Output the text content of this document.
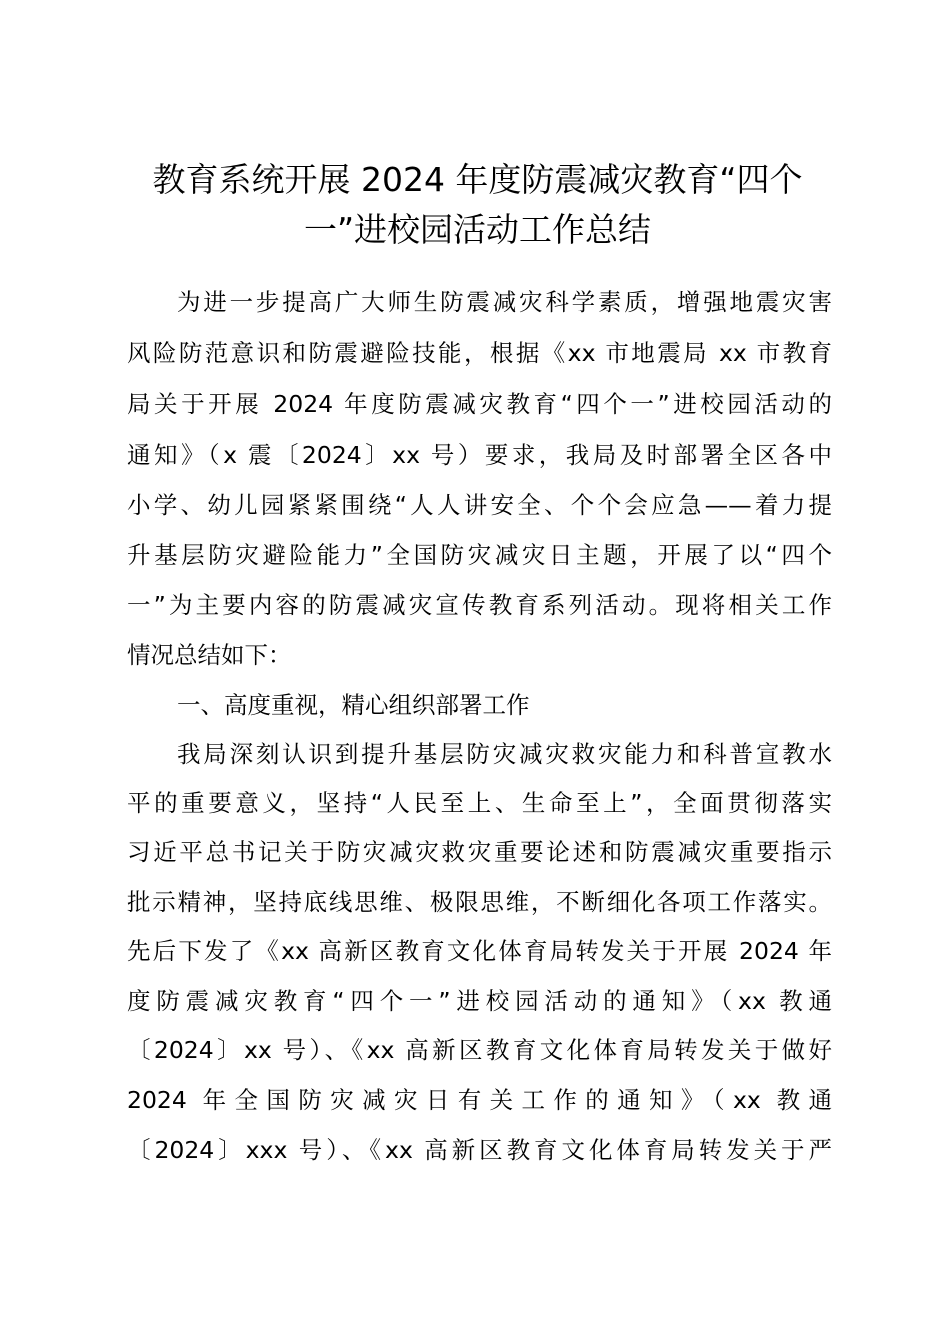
教育系统开展 2024 年度防震减灾教育“四个
一”进校园活动工作总结

为进一步提高广大师生防震减灾科学素质，增强地震灾害

风险防范意识和防震避险技能，根据《xx 市地震局 xx 市教育

局关于开展 2024 年度防震减灾教育“四个一”进校园活动的

通知》（x 震〔2024〕xx 号）要求，我局及时部署全区各中

小学、幼儿园紧紧围绕“人人讲安全、个个会应急——着力提

升基层防灾避险能力”全国防灾减灾日主题，开展了以“四个

一”为主要内容的防震减灾宣传教育系列活动。现将相关工作

情况总结如下：

一、高度重视，精心组织部署工作

我局深刻认识到提升基层防灾减灾救灾能力和科普宣教水

平的重要意义，坚持“人民至上、生命至上”，全面贯彻落实

习近平总书记关于防灾减灾救灾重要论述和防震减灾重要指示

批示精神，坚持底线思维、极限思维，不断细化各项工作落实。

先后下发了《xx 高新区教育文化体育局转发关于开展 2024 年

度防震减灾教育“四个一”进校园活动的通知》（xx 教通

〔2024〕xx 号）、《xx 高新区教育文化体育局转发关于做好

2024 年全国防灾减灾日有关工作的通知》（xx 教通

〔2024〕xxx 号）、《xx 高新区教育文化体育局转发关于严
